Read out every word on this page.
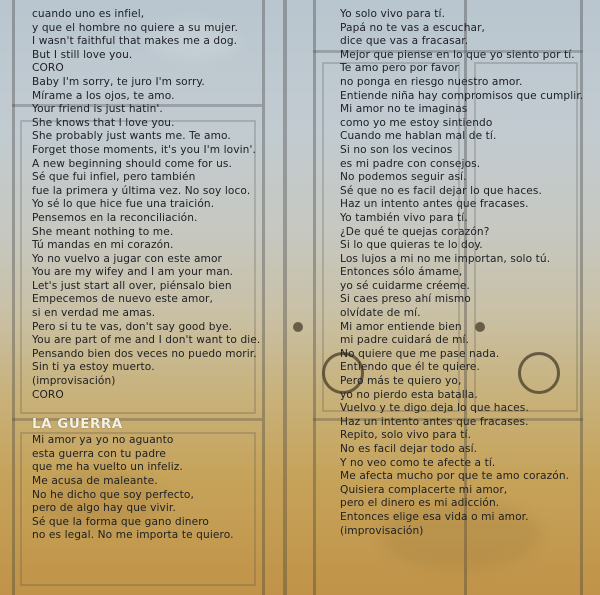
cuando uno es infiel,
y que el hombre no quiere a su mujer.
I wasn't faithful that makes me a dog.
But I still love you.
CORO
Baby I'm sorry, te juro I'm sorry.
Mírame a los ojos, te amo.
Your friend is just hatin'.
She knows that I love you.
She probably just wants me. Te amo.
Forget those moments, it's you I'm lovin'.
A new beginning should come for us.
Sé que fui infiel, pero también
fue la primera y última vez. No soy loco.
Yo sé lo que hice fue una traición.
Pensemos en la reconciliación.
She meant nothing to me.
Tú mandas en mi corazón.
Yo no vuelvo a jugar con este amor
You are my wifey and I am your man.
Let's just start all over, piénsalo bien
Empecemos de nuevo este amor,
si en verdad me amas.
Pero si tu te vas, don't say good bye.
You are part of me and I don't want to die.
Pensando bien dos veces no puedo morir.
Sin ti ya estoy muerto.
(improvisación)
CORO
LA GUERRA
Mi amor ya yo no aguanto
esta guerra con tu padre
que me ha vuelto un infeliz.
Me acusa de maleante.
No he dicho que soy perfecto,
pero de algo hay que vivir.
Sé que la forma que gano dinero
no es legal. No me importa te quiero.
Yo solo vivo para tí.
Papá no te vas a escuchar,
dice que vas a fracasar.
Mejor que piense en lo que yo siento por tí.
Te amo pero por favor
no ponga en riesgo nuestro amor.
Entiende niña hay compromisos que cumplir.
Mi amor no te imaginas
como yo me estoy sintiendo
Cuando me hablan mal de tí.
Si no son los vecinos
es mi padre con consejos.
No podemos seguir así.
Sé que no es facil dejar lo que haces.
Haz un intento antes que fracases.
Yo también vivo para tí.
¿De qué te quejas corazón?
Si lo que quieras te lo doy.
Los lujos a mi no me importan, solo tú.
Entonces sólo ámame,
yo sé cuidarme créeme.
Si caes preso ahí mismo
olvídate de mí.
Mi amor entiende bien
mi padre cuidará de mí.
No quiere que me pase nada.
Entiendo que él te quiere.
Pero más te quiero yo,
yo no pierdo esta batalla.
Vuelvo y te digo deja lo que haces.
Haz un intento antes que fracases.
Repito, solo vivo para tí.
No es facil dejar todo así.
Y no veo como te afecte a tí.
Me afecta mucho por que te amo corazón.
Quisiera complacerte mi amor,
pero el dinero es mi adicción.
Entonces elige esa vida o mi amor.
(improvisación)
